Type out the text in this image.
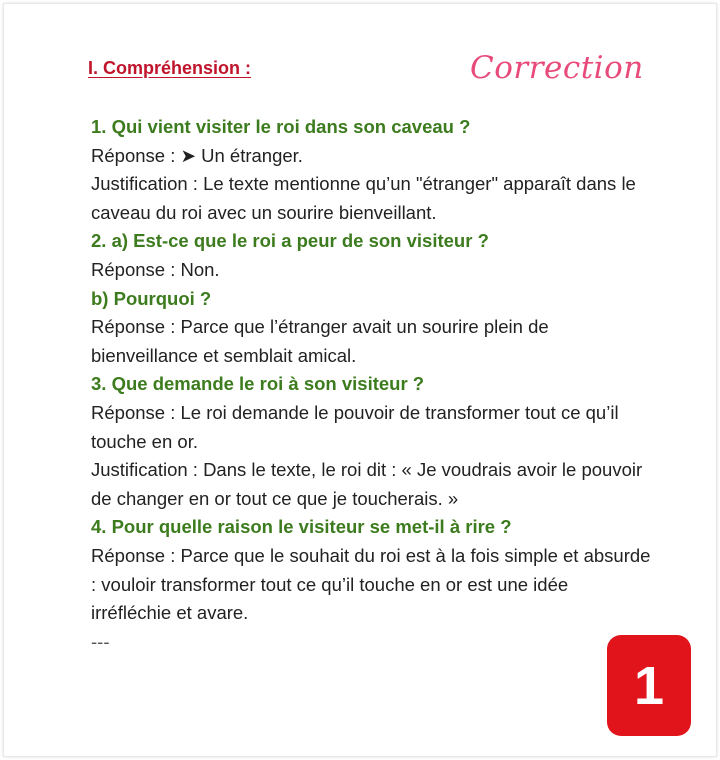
I. Compréhension :	Correction
1. Qui vient visiter le roi dans son caveau ?
Réponse : ➤ Un étranger.
Justification : Le texte mentionne qu’un "étranger" apparaît dans le caveau du roi avec un sourire bienveillant.
2. a) Est-ce que le roi a peur de son visiteur ?
Réponse : Non.
b) Pourquoi ?
Réponse : Parce que l’étranger avait un sourire plein de bienveillance et semblait amical.
3. Que demande le roi à son visiteur ?
Réponse : Le roi demande le pouvoir de transformer tout ce qu’il touche en or.
Justification : Dans le texte, le roi dit : « Je voudrais avoir le pouvoir de changer en or tout ce que je toucherais. »
4. Pour quelle raison le visiteur se met-il à rire ?
Réponse : Parce que le souhait du roi est à la fois simple et absurde : vouloir transformer tout ce qu’il touche en or est une idée irréfléchie et avare.
---
1
